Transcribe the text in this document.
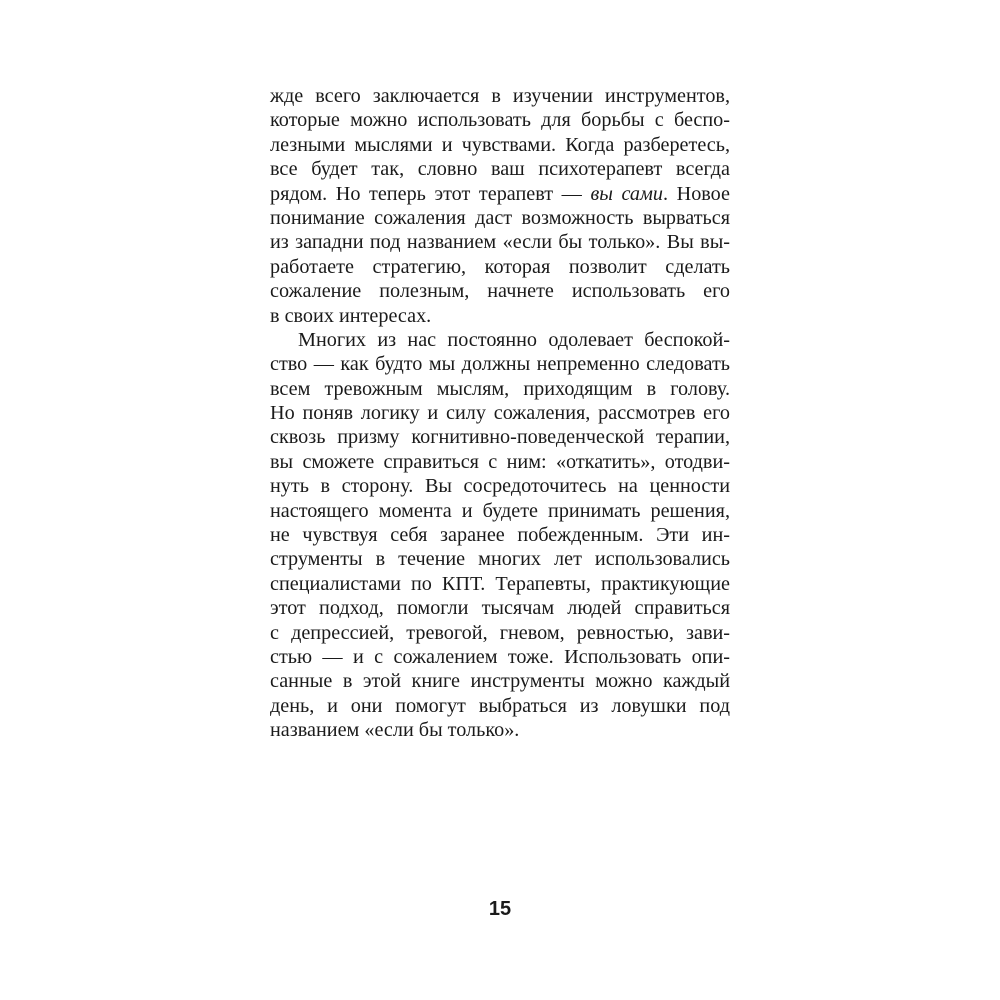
жде всего заключается в изучении инструментов,
которые можно использовать для борьбы с беспо-
лезными мыслями и чувствами. Когда разберетесь,
все будет так, словно ваш психотерапевт всегда
рядом. Но теперь этот терапевт — вы сами. Новое
понимание сожаления даст возможность вырваться
из западни под названием «если бы только». Вы вы-
работаете стратегию, которая позволит сделать
сожаление полезным, начнете использовать его
в своих интересах.
Многих из нас постоянно одолевает беспокой-
ство — как будто мы должны непременно следовать
всем тревожным мыслям, приходящим в голову.
Но поняв логику и силу сожаления, рассмотрев его
сквозь призму когнитивно-поведенческой терапии,
вы сможете справиться с ним: «откатить», отодви-
нуть в сторону. Вы сосредоточитесь на ценности
настоящего момента и будете принимать решения,
не чувствуя себя заранее побежденным. Эти ин-
струменты в течение многих лет использовались
специалистами по КПТ. Терапевты, практикующие
этот подход, помогли тысячам людей справиться
с депрессией, тревогой, гневом, ревностью, зави-
стью — и с сожалением тоже. Использовать опи-
санные в этой книге инструменты можно каждый
день, и они помогут выбраться из ловушки под
названием «если бы только».
15
